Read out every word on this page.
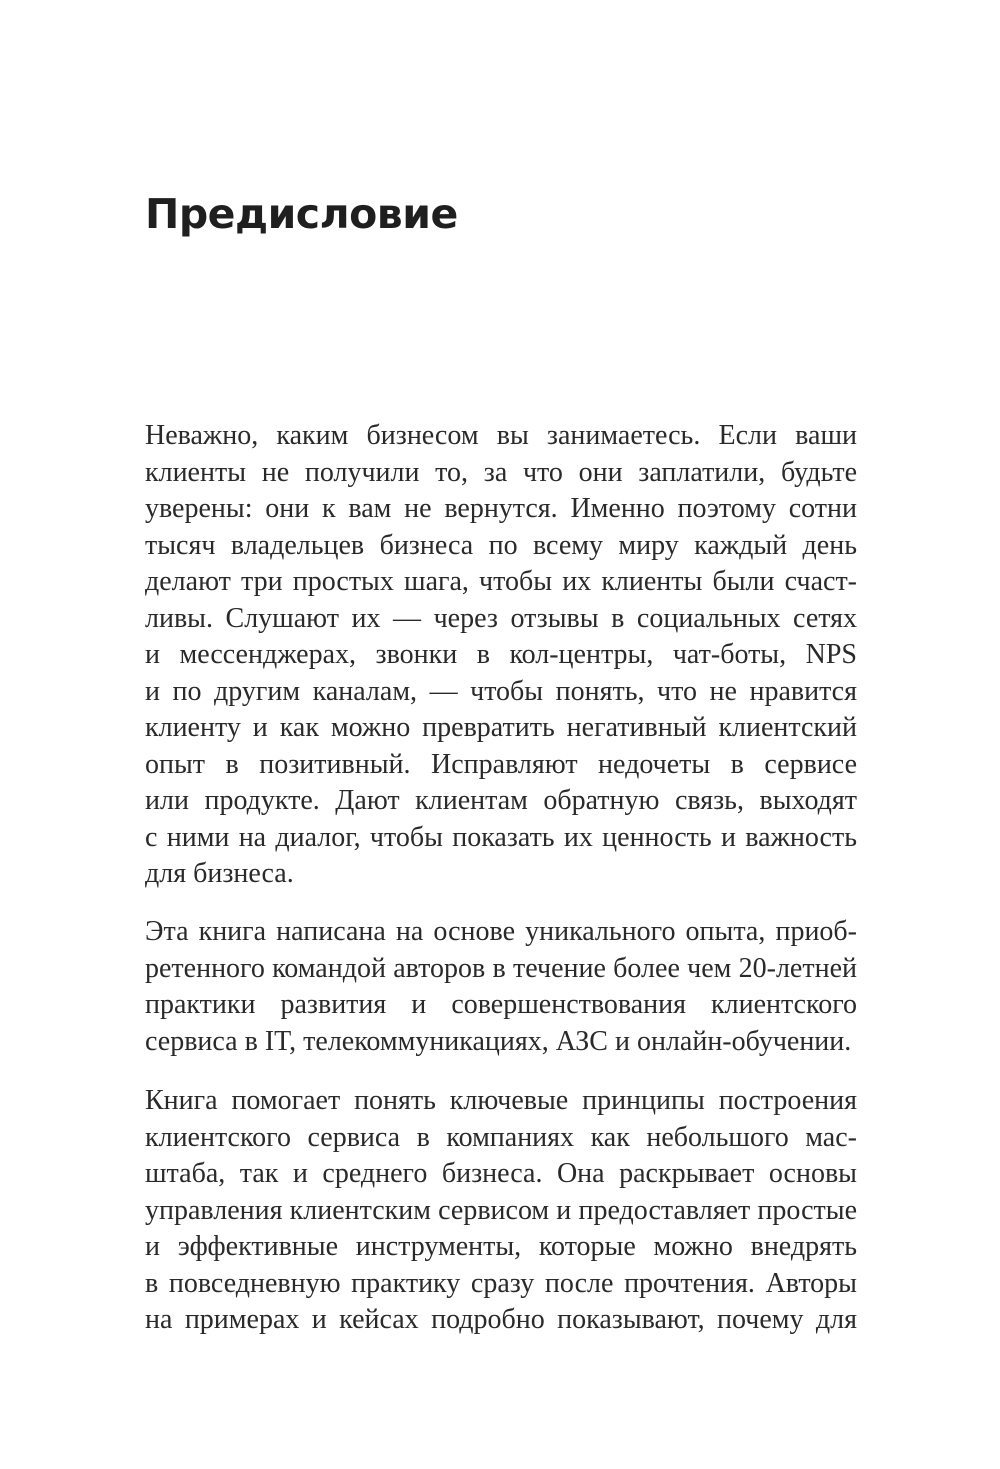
Предисловие
Неважно, каким бизнесом вы занимаетесь. Если ваши
клиенты не получили то, за что они заплатили, будьте
уверены: они к вам не вернутся. Именно поэтому сотни
тысяч владельцев бизнеса по всему миру каждый день
делают три простых шага, чтобы их клиенты были счаст-
ливы. Слушают их — через отзывы в социальных сетях
и мессенджерах, звонки в кол-центры, чат-боты, NPS
и по другим каналам, — чтобы понять, что не нравится
клиенту и как можно превратить негативный клиентский
опыт в позитивный. Исправляют недочеты в сервисе
или продукте. Дают клиентам обратную связь, выходят
с ними на диалог, чтобы показать их ценность и важность
для бизнеса.
Эта книга написана на основе уникального опыта, приоб-
ретенного командой авторов в течение более чем 20-летней
практики развития и совершенствования клиентского
сервиса в IT, телекоммуникациях, АЗС и онлайн-обучении.
Книга помогает понять ключевые принципы построения
клиентского сервиса в компаниях как небольшого мас-
штаба, так и среднего бизнеса. Она раскрывает основы
управления клиентским сервисом и предоставляет простые
и эффективные инструменты, которые можно внедрять
в повседневную практику сразу после прочтения. Авторы
на примерах и кейсах подробно показывают, почему для
